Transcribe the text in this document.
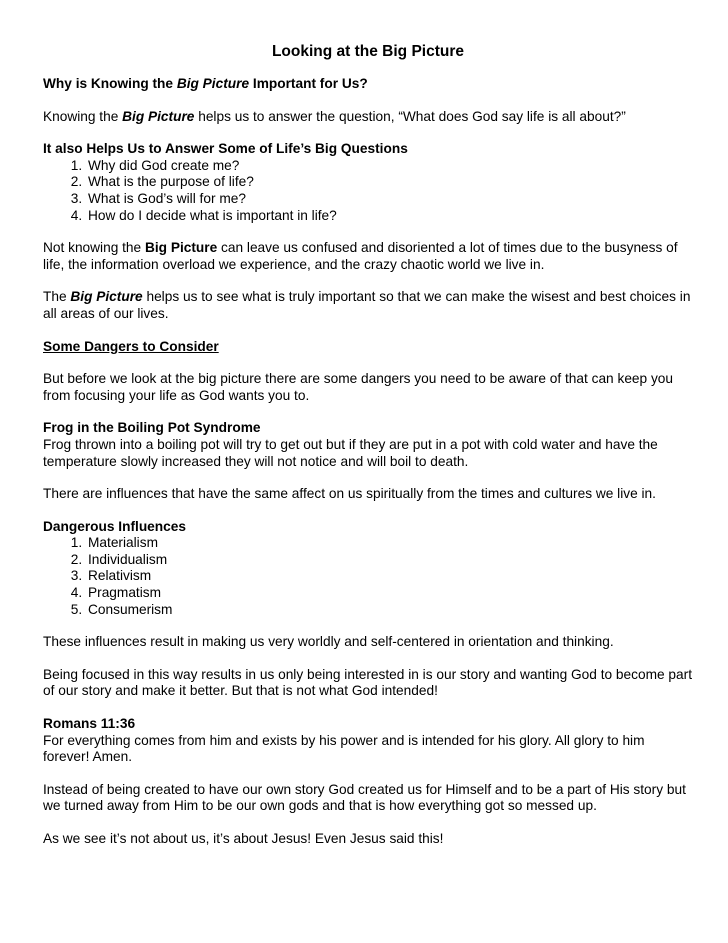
Looking at the Big Picture

Why is Knowing the Big Picture Important for Us?

Knowing the Big Picture helps us to answer the question, “What does God say life is all about?”

It also Helps Us to Answer Some of Life’s Big Questions
1. Why did God create me?
2. What is the purpose of life?
3. What is God’s will for me?
4. How do I decide what is important in life?

Not knowing the Big Picture can leave us confused and disoriented a lot of times due to the busyness of life, the information overload we experience, and the crazy chaotic world we live in.

The Big Picture helps us to see what is truly important so that we can make the wisest and best choices in all areas of our lives.

Some Dangers to Consider

But before we look at the big picture there are some dangers you need to be aware of that can keep you from focusing your life as God wants you to.

Frog in the Boiling Pot Syndrome

Frog thrown into a boiling pot will try to get out but if they are put in a pot with cold water and have the temperature slowly increased they will not notice and will boil to death.

There are influences that have the same affect on us spiritually from the times and cultures we live in.

Dangerous Influences
1. Materialism
2. Individualism
3. Relativism
4. Pragmatism
5. Consumerism

These influences result in making us very worldly and self-centered in orientation and thinking.

Being focused in this way results in us only being interested in is our story and wanting God to become part of our story and make it better. But that is not what God intended!

Romans 11:36

For everything comes from him and exists by his power and is intended for his glory. All glory to him forever! Amen.

Instead of being created to have our own story God created us for Himself and to be a part of His story but we turned away from Him to be our own gods and that is how everything got so messed up.

As we see it’s not about us, it’s about Jesus! Even Jesus said this!
